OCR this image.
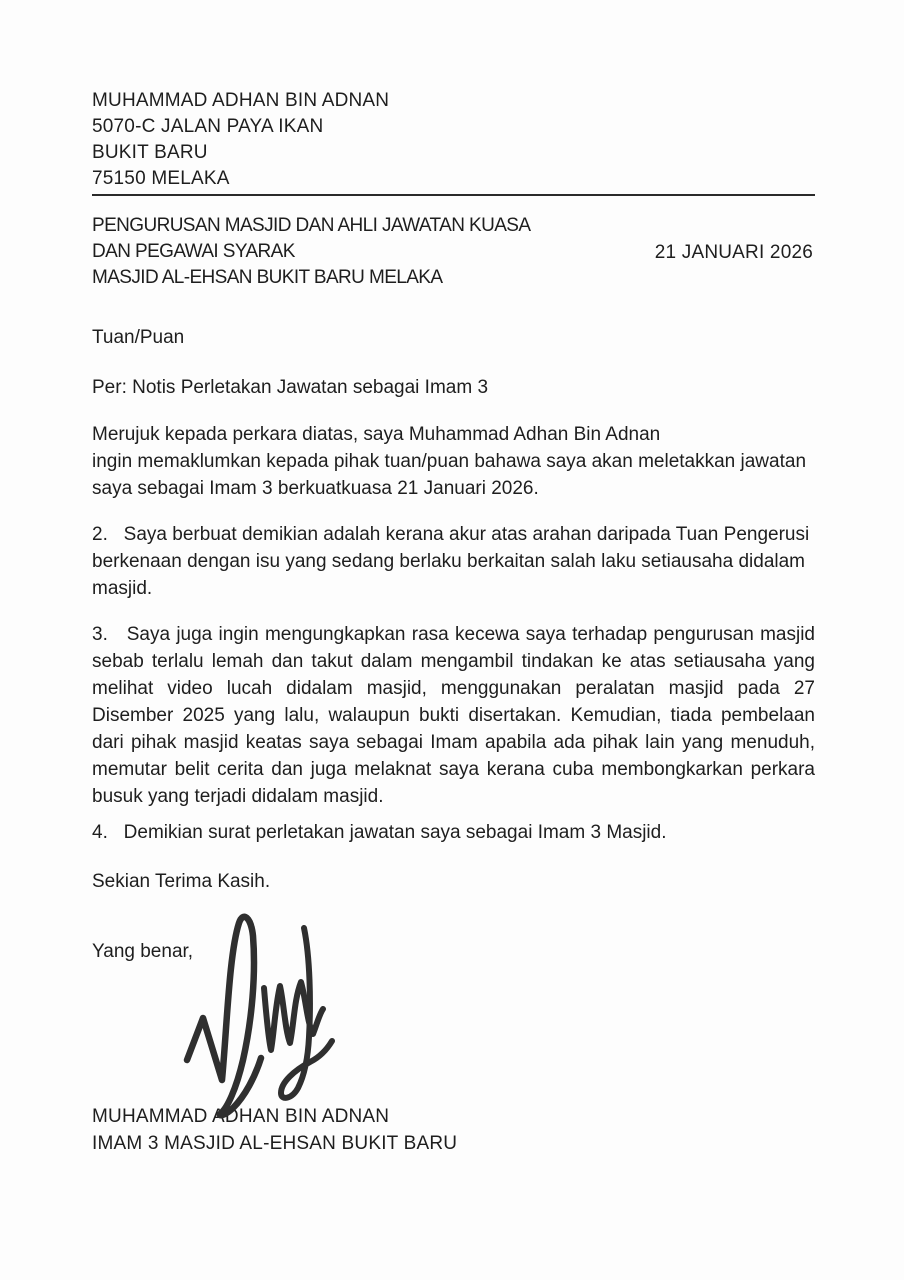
MUHAMMAD ADHAN BIN ADNAN
5070-C JALAN PAYA IKAN
BUKIT BARU
75150 MELAKA
PENGURUSAN MASJID DAN AHLI JAWATAN KUASA
DAN PEGAWAI SYARAK
MASJID AL-EHSAN BUKIT BARU MELAKA
21 JANUARI 2026
Tuan/Puan
Per: Notis Perletakan Jawatan sebagai Imam 3
Merujuk kepada perkara diatas, saya Muhammad Adhan Bin Adnan
ingin memaklumkan kepada pihak tuan/puan bahawa saya akan meletakkan jawatan
saya sebagai Imam 3 berkuatkuasa 21 Januari 2026.
2.   Saya berbuat demikian adalah kerana akur atas arahan daripada Tuan Pengerusi
berkenaan dengan isu yang sedang berlaku berkaitan salah laku setiausaha didalam
masjid.
3.   Saya juga ingin mengungkapkan rasa kecewa saya terhadap pengurusan masjid
sebab terlalu lemah dan takut dalam mengambil tindakan ke atas setiausaha yang
melihat video lucah didalam masjid, menggunakan peralatan masjid pada 27
Disember 2025 yang lalu, walaupun bukti disertakan. Kemudian, tiada pembelaan
dari pihak masjid keatas saya sebagai Imam apabila ada pihak lain yang menuduh,
memutar belit cerita dan juga melaknat saya kerana cuba membongkarkan perkara
busuk yang terjadi didalam masjid.
4.   Demikian surat perletakan jawatan saya sebagai Imam 3 Masjid.
Sekian Terima Kasih.
Yang benar,
MUHAMMAD ADHAN BIN ADNAN
IMAM 3 MASJID AL-EHSAN BUKIT BARU
